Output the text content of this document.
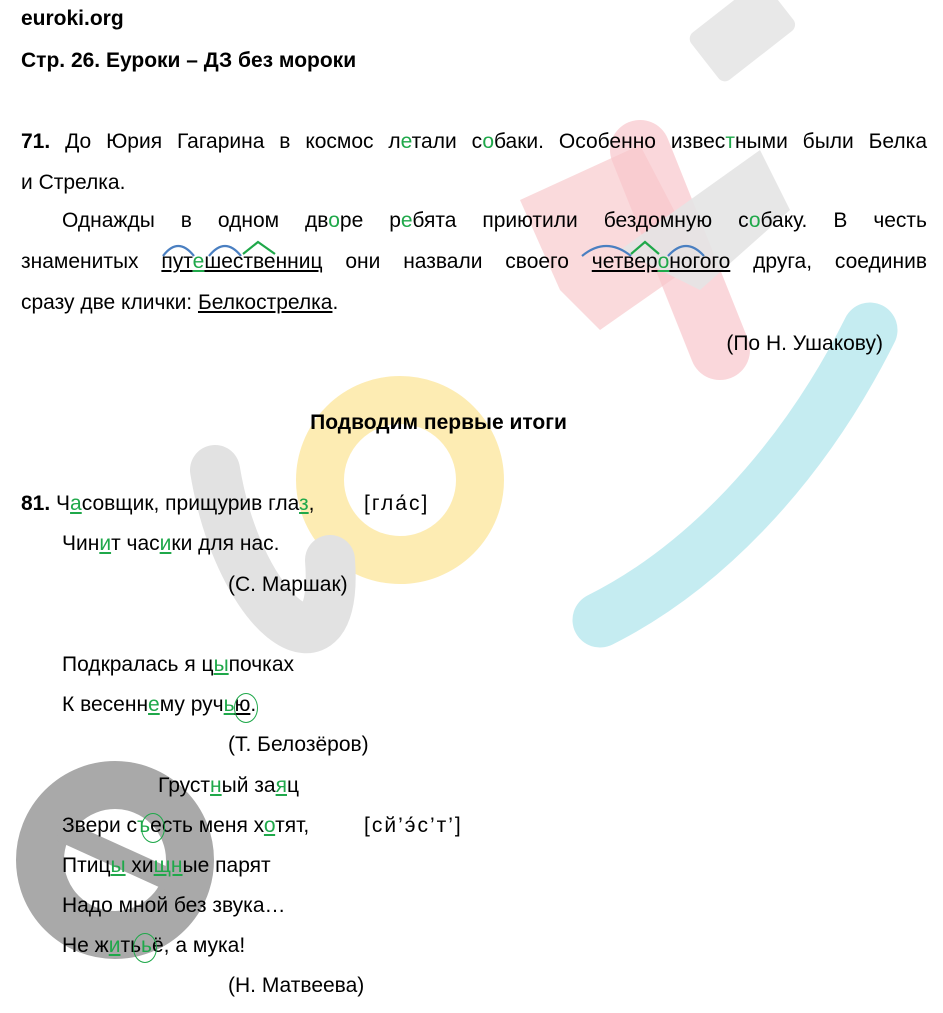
euroki.org
Стр. 26. Еуроки – ДЗ без мороки
71. До Юрия Гагарина в космос летали собаки. Особенно известными были Белка
и Стрелка.
Однажды в одном дворе ребята приютили бездомную собаку. В честь
знаменитых путешественниц они назвали своего четвероногого друга, соединив
сразу две клички: Белкострелка.
(По Н. Ушакову)
Подводим первые итоги
81. Часовщик, прищурив глаз, [гла́с]
Чинит часики для нас.
(С. Маршак)
Подкралась я цыпочках
К весеннему ручью.
(Т. Белозёров)
Грустный заяц
Звери съесть меня хотят,	[сй’э́с’т’]
Птицы хищные парят
Надо мной без звука…
Не житььё, а мука!
(Н. Матвеева)
